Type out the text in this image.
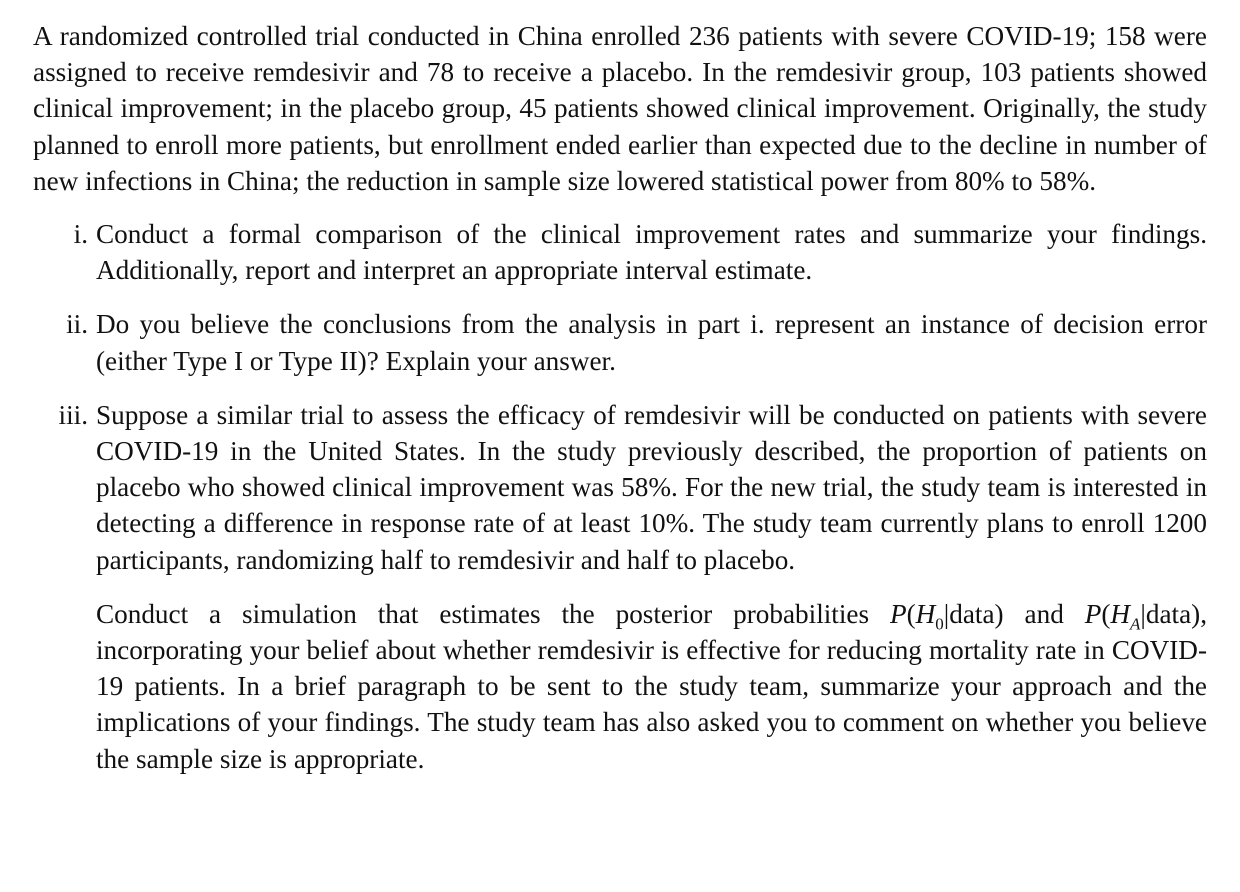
A randomized controlled trial conducted in China enrolled 236 patients with severe COVID-19; 158 were assigned to receive remdesivir and 78 to receive a placebo. In the remdesivir group, 103 patients showed clinical improvement; in the placebo group, 45 patients showed clinical improvement. Originally, the study planned to enroll more patients, but enrollment ended earlier than expected due to the decline in number of new infections in China; the reduction in sample size lowered statistical power from 80% to 58%.

i. Conduct a formal comparison of the clinical improvement rates and summarize your findings. Additionally, report and interpret an appropriate interval estimate.

ii. Do you believe the conclusions from the analysis in part i. represent an instance of decision error (either Type I or Type II)? Explain your answer.

iii. Suppose a similar trial to assess the efficacy of remdesivir will be conducted on patients with severe COVID-19 in the United States. In the study previously described, the proportion of patients on placebo who showed clinical improvement was 58%. For the new trial, the study team is interested in detecting a difference in response rate of at least 10%. The study team currently plans to enroll 1200 participants, randomizing half to remdesivir and half to placebo.

Conduct a simulation that estimates the posterior probabilities $P(H_0|data)$ and $P(H_A|data)$, incorporating your belief about whether remdesivir is effective for reducing mortality rate in COVID-19 patients. In a brief paragraph to be sent to the study team, summarize your approach and the implications of your findings. The study team has also asked you to comment on whether you believe the sample size is appropriate.
